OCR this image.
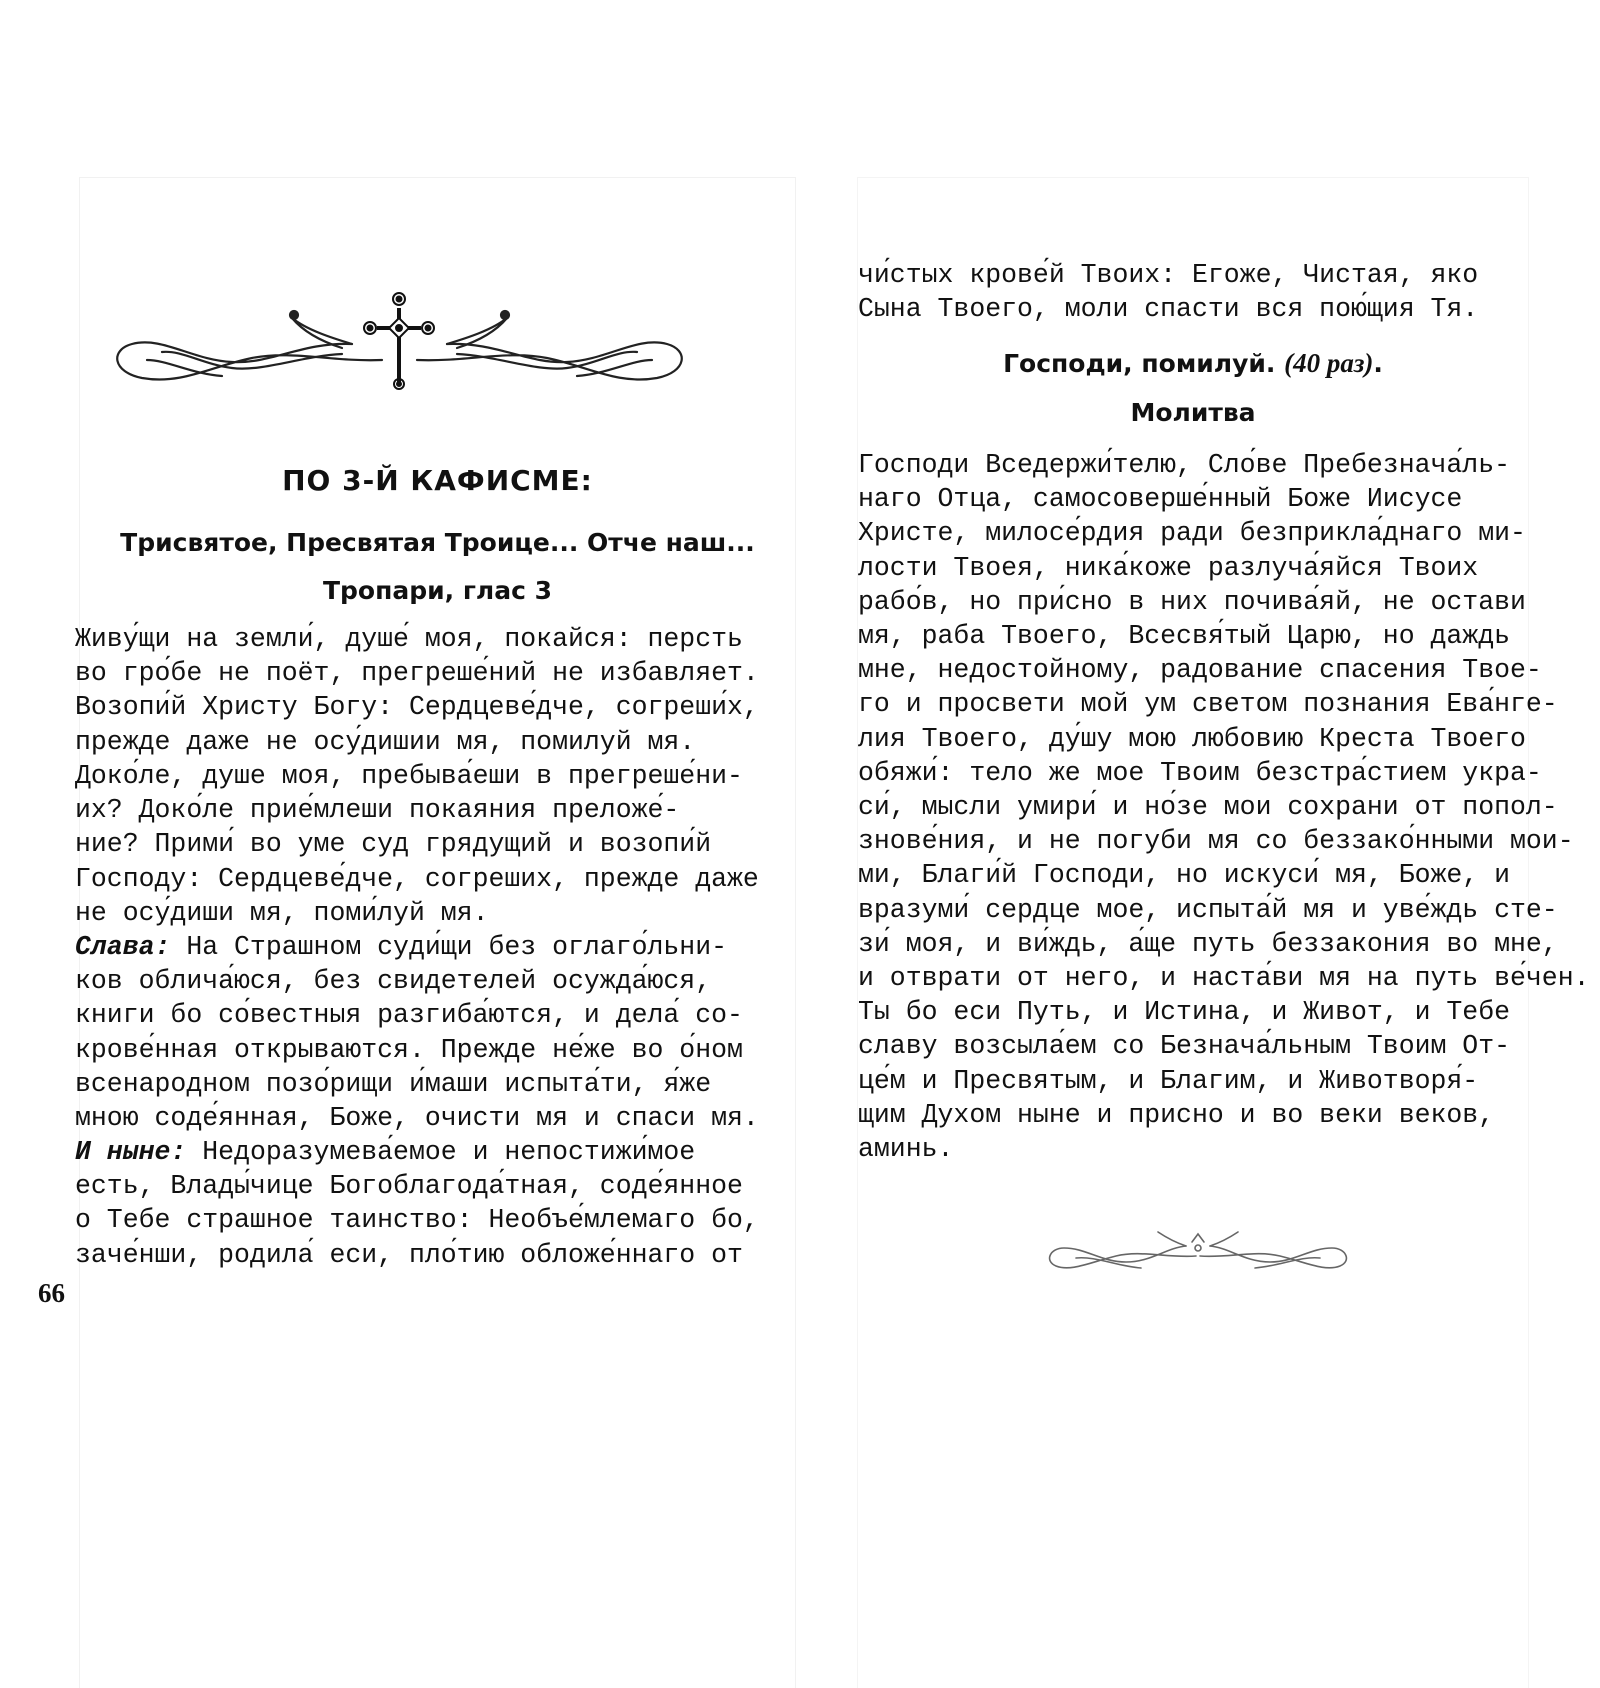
ПО 3-Й КАФИСМЕ:
Трисвятое, Пресвятая Троице... Отче наш...
Тропари, глас 3
Живу́щи на земли́, душе́ моя, покайся: персть
во гро́бе не поёт, прегреше́ний не избавляет.
Возопи́й Христу Богу: Сердцеве́дче, согреши́х,
прежде даже не осу́дишии мя, помилуй мя.
Доко́ле, душе моя, пребыва́еши в прегреше́ни-
их? Доко́ле прие́млеши покаяния преложе́-
ние? Прими́ во уме суд грядущий и возопи́й
Господу: Сердцеве́дче, согреших, прежде даже
не осу́диши мя, поми́луй мя.
Слава: На Страшном суди́щи без оглаго́льни-
ков облича́юся, без свидетелей осужда́юся,
книги бо со́вестныя разгиба́ются, и дела́ со-
крове́нная открываются. Прежде не́же во о́ном
всенародном позо́рищи и́маши испыта́ти, я́же
мною соде́янная, Боже, очисти мя и спаси мя.
И ныне: Недоразумева́емое и непостижи́мое
есть, Влады́чице Богоблагода́тная, соде́янное
о Тебе страшное таинство: Необъе́млемаго бо,
заче́нши, родила́ еси, пло́тию обложе́ннаго от
66
чи́стых крове́й Твоих: Егоже, Чистая, яко
Сына Твоего, моли спасти вся пою́щия Тя.
Господи, помилуй. (40 раз).
Молитва
Господи Вседержи́телю, Сло́ве Пребезнача́ль-
наго Отца, самосоверше́нный Боже Иисусе
Христе, милосе́рдия ради безприкла́днаго ми-
лости Твоея, ника́коже разлуча́яйся Твоих
рабо́в, но при́сно в них почива́яй, не остави
мя, раба Твоего, Всесвя́тый Царю, но даждь
мне, недостойному, радование спасения Твое-
го и просвети мой ум светом познания Ева́нге-
лия Твоего, ду́шу мою любовию Креста Твоего
обяжи́: тело же мое Твоим безстра́стием укра-
си́, мысли умири́ и но́зе мои сохрани от попол-
знове́ния, и не погуби мя со беззако́нными мои-
ми, Благи́й Господи, но искуси́ мя, Боже, и
вразуми́ сердце мое, испыта́й мя и уве́ждь сте-
зи́ моя, и ви́ждь, а́ще путь беззакония во мне,
и отврати от него, и наста́ви мя на путь ве́чен.
Ты бо еси Путь, и Истина, и Живот, и Тебе
славу возсыла́ем со Безнача́льным Твоим От-
це́м и Пресвятым, и Благим, и Животворя́-
щим Духом ныне и присно и во веки веков,
аминь.
